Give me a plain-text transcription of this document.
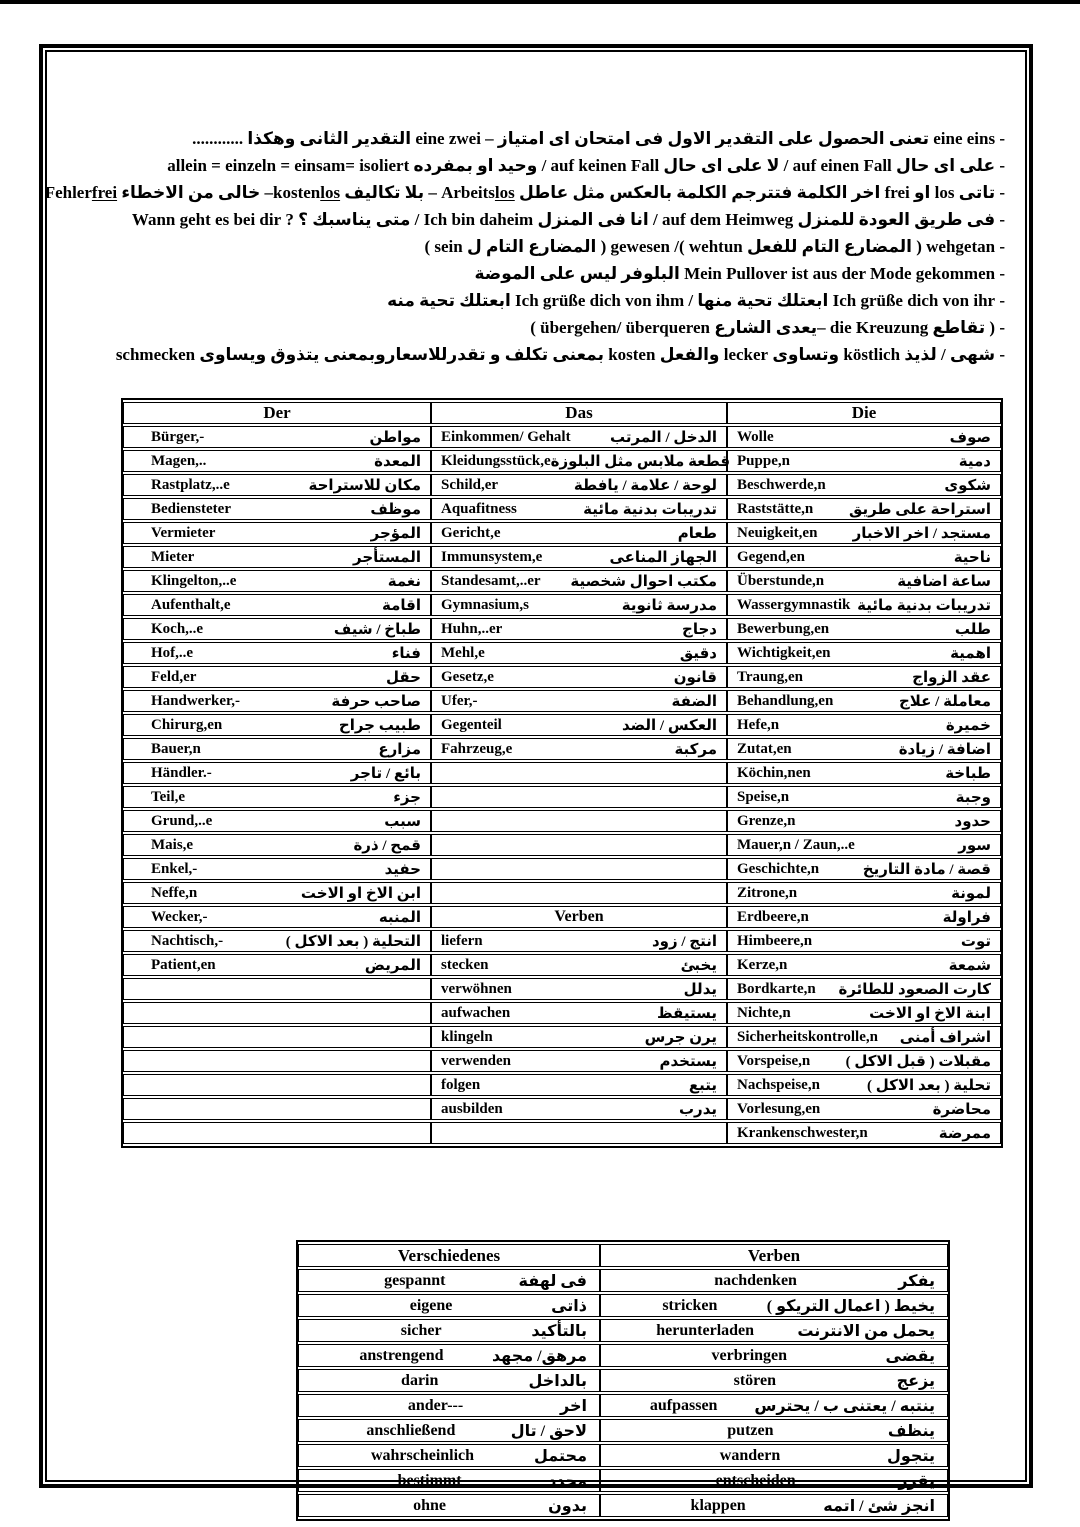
- eine eins تعنى الحصول على التقدير الاول فى امتحان اى امتياز – eine zwei التقدير الثانى وهكذا ............
- على اى حال auf einen Fall / لا على اى حال auf keinen Fall / وحيد او بمفرده allein = einzeln = einsam= isoliert
- تاتى los او frei اخر الكلمة فتترجم الكلمة بالعكس مثل عاطل Arbeitslos – بلا تكاليف kostenlos– خالى من الاخطاء Fehlerfrei
- فى طريق العودة للمنزل auf dem Heimweg / انا فى المنزل Ich bin daheim / متى يناسبك ؟ ? Wann geht es bei dir
- wehgetan ( المضارع التام للفعل wehtun ‏)/ gewesen ( المضارع التام ل sein )
- Mein Pullover ist aus der Mode gekommen البلوفر ليس على الموضة
- Ich grüße dich von ihr ابعتلك تحية منها / Ich grüße dich von ihm ابعتلك تحية منه
- ( تقاطع die Kreuzung –يعدى الشارع übergehen/ überqueren )
- شهى / لذيذ köstlich وتساوى lecker والفعل kosten بمعنى تكلف و تقدرللاسعاروبمعنى يتذوق ويساوى schmecken
Der	Das	Die

Bürger,- مواطن	Einkommen/ Gehalt الدخل / المرتب	Wolle صوف

Magen,.. المعدة	Kleidungsstück,e قطعة ملابس مثل البلوزة	Puppe,n دمية

Rastplatz,..e مكان للاستراحة	Schild,er لوحة / علامة / يافطة	Beschwerde,n شكوى

Bediensteter موظف	Aquafitness تدريبات بدنية مائية	Raststätte,n استراحة على طريق

Vermieter المؤجر	Gericht,e طعام	Neuigkeit,en مستجد / اخر الاخبار

Mieter المستأجر	Immunsystem,e الجهاز المناعى	Gegend,en ناحية

Klingelton,..e نغمة	Standesamt,..er مكتب احوال شخصية	Überstunde,n ساعة اضافية

Aufenthalt,e اقامة	Gymnasium,s مدرسة ثانوية	Wassergymnastik تدريبات بدنية مائية

Koch,..e طباخ / شيف	Huhn,..er دجاج	Bewerbung,en طلب

Hof,..e فناء	Mehl,e دقيق	Wichtigkeit,en اهمية

Feld,er حقل	Gesetz,e قانون	Traung,en عقد الزواج

Handwerker,- صاحب حرفة	Ufer,- الضفة	Behandlung,en معاملة / علاج

Chirurg,en طبيب جراح	Gegenteil العكس / الضد	Hefe,n خميرة

Bauer,n مزارع	Fahrzeug,e مركبة	Zutat,en اضافة / زيادة

Händler.- بائع / تاجر		Köchin,nen طباخة

Teil,e جزء		Speise,n وجبة

Grund,..e سبب		Grenze,n حدود

Mais,e قمح / ذرة		Mauer,n / Zaun,..e سور

Enkel,- حفيد		Geschichte,n قصة / مادة التاريخ

Neffe,n ابن الاخ او الاخت		Zitrone,n لمونة

Wecker,- المنبه	Verben	Erdbeere,n فراولة

Nachtisch,- التحلية ( بعد الاكل )	liefern انتج / زود	Himbeere,n توت

Patient,en المريض	stecken يخبئ	Kerze,n شمعة

	verwöhnen يدلل	Bordkarte,n كارت الصعود للطائرة

	aufwachen يستيقظ	Nichte,n ابنة الاخ او الاخت

	klingeln يرن جرس	Sicherheitskontrolle,n اشراف أمنى

	verwenden يستخدم	Vorspeise,n مقبلات ( قبل الاكل )

	folgen يتبع	Nachspeise,n تحلية ( بعد الاكل )

	ausbilden يدرب	Vorlesung,en محاضرة

		Krankenschwester,n ممرضة
Verschiedenes	Verben

gespannt فى لهفة	nachdenken يفكر

eigene ذاتى	stricken يخيط ( اعمال التريكو )

sicher بالتأكيد	herunterladen يحمل من الانترنت

anstrengend مرهق/ مجهد	verbringen يقضى

darin بالداخل	stören يزعج

ander--- اخر	aufpassen ينتبه / يعتنى ب / يحترس

anschließend لاحق / تال	putzen ينظف

wahrscheinlich محتمل	wandern يتجول

bestimmt محدد	entscheiden يقرر

ohne بدون	klappen انجز شئ / اتمه
